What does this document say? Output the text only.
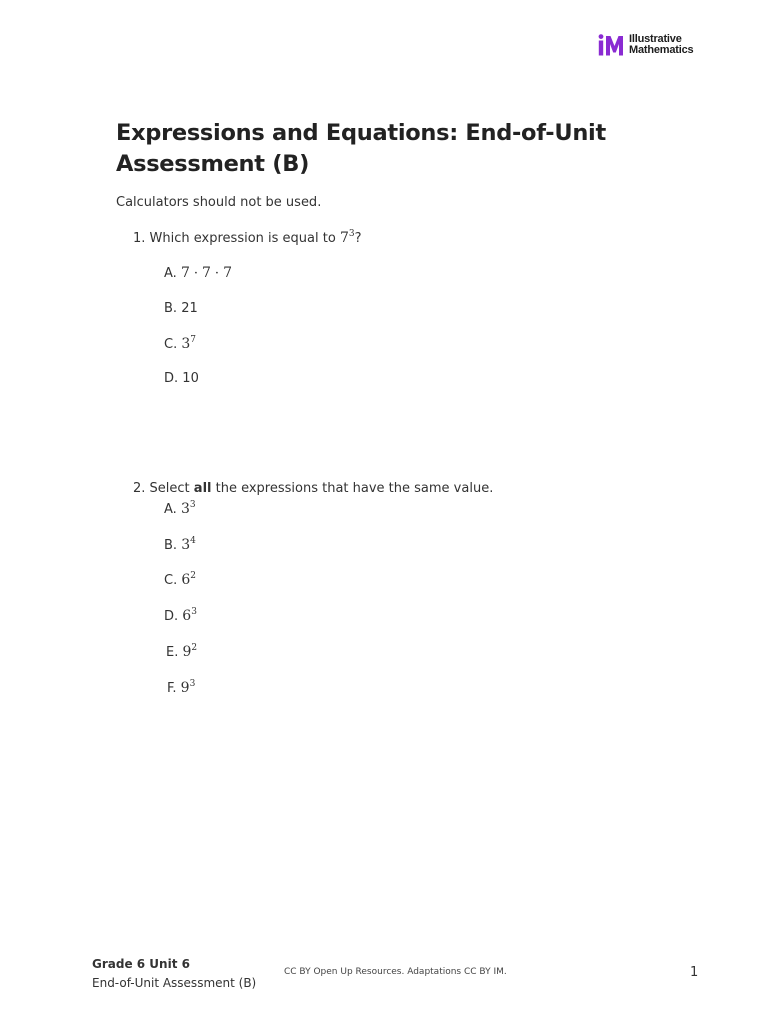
Illustrative
Mathematics
Expressions and Equations: End-of-Unit Assessment (B)
Calculators should not be used.
1. Which expression is equal to $7^3$?
A. 7 · 7 · 7
B. 21
C. $3^7$
D. 10
2. Select all the expressions that have the same value.
A. $3^3$
B. $3^4$
C. $6^2$
D. $6^3$
E. $9^2$
F. $9^3$
Grade 6 Unit 6
End-of-Unit Assessment (B)
CC BY Open Up Resources. Adaptations CC BY IM.	1
